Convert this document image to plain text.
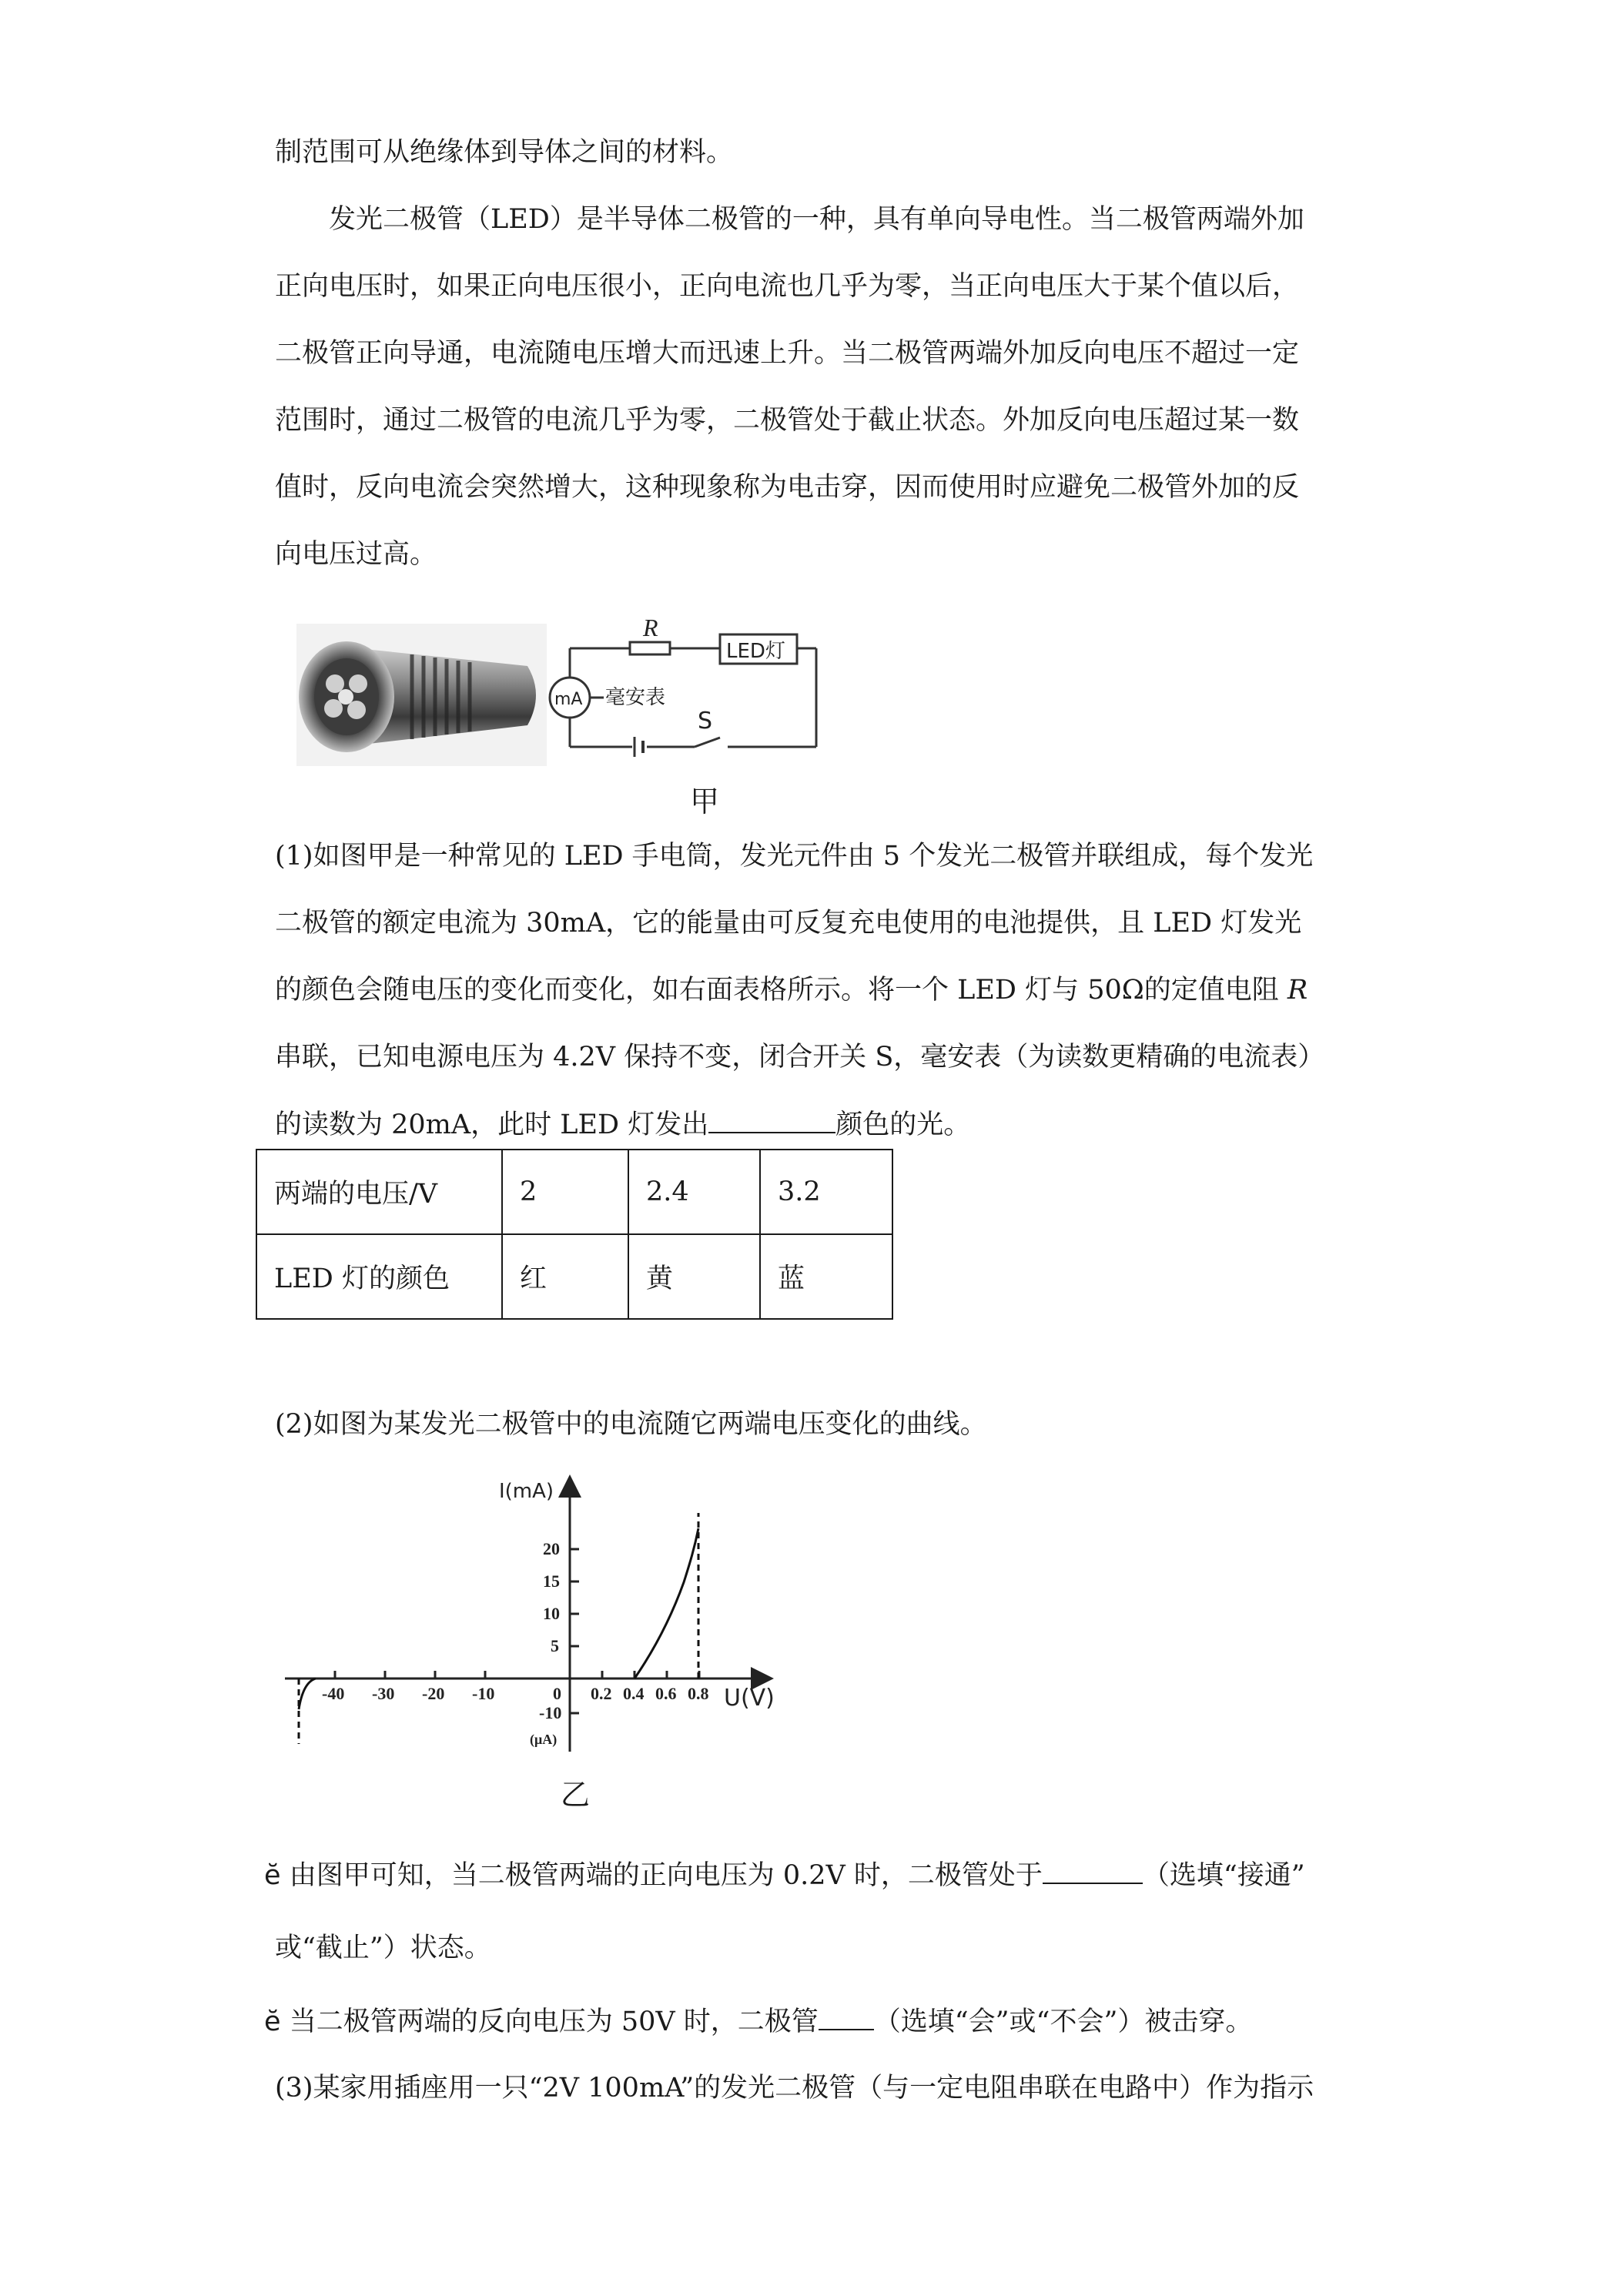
制范围可从绝缘体到导体之间的材料。
发光二极管（LED）是半导体二极管的一种，具有单向导电性。当二极管两端外加
正向电压时，如果正向电压很小，正向电流也几乎为零，当正向电压大于某个值以后，
二极管正向导通，电流随电压增大而迅速上升。当二极管两端外加反向电压不超过一定
范围时，通过二极管的电流几乎为零，二极管处于截止状态。外加反向电压超过某一数
值时，反向电流会突然增大，这种现象称为电击穿，因而使用时应避免二极管外加的反
向电压过高。
R
LED灯
mA 毫安表
S
甲
(1)如图甲是一种常见的 LED 手电筒，发光元件由 5 个发光二极管并联组成，每个发光
二极管的额定电流为 30mA，它的能量由可反复充电使用的电池提供，且 LED 灯发光
的颜色会随电压的变化而变化，如右面表格所示。将一个 LED 灯与 50Ω的定值电阻 R
串联，已知电源电压为 4.2V 保持不变，闭合开关 S，毫安表（为读数更精确的电流表）
的读数为 20mA，此时 LED 灯发出	颜色的光。
两端的电压/V	2	2.4	3.2
LED 灯的颜色	红	黄	蓝
(2)如图为某发光二极管中的电流随它两端电压变化的曲线。
I(mA)
U(V)
20
15
10
5
-10
(μA)
-40 -30 -20 -10	0 0.2 0.4 0.6 0.8
乙
ĕ 由图甲可知，当二极管两端的正向电压为 0.2V 时，二极管处于	（选填“接通”
或“截止”）状态。
ĕ 当二极管两端的反向电压为 50V 时，二极管 （选填“会”或“不会”）被击穿。
(3)某家用插座用一只“2V 100mA”的发光二极管（与一定电阻串联在电路中）作为指示
